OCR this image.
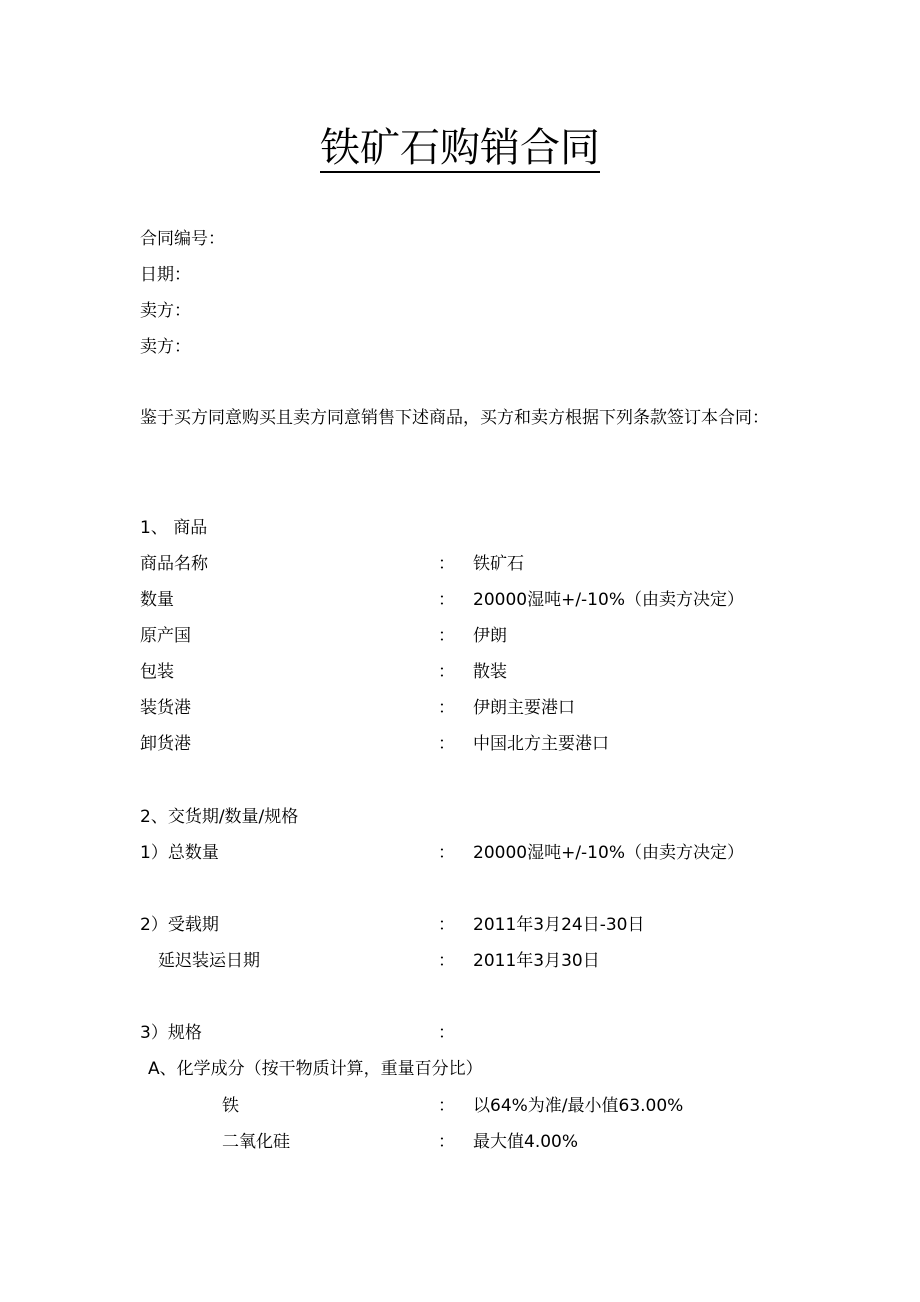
铁矿石购销合同
合同编号：
日期：
卖方：
卖方：
鉴于买方同意购买且卖方同意销售下述商品，买方和卖方根据下列条款签订本合同：
1、 商品
商品名称	： 铁矿石
数量	： 20000湿吨+/-10%（由卖方决定）
原产国	： 伊朗
包装	： 散装
装货港	： 伊朗主要港口
卸货港	： 中国北方主要港口
2、交货期/数量/规格
1）总数量	： 20000湿吨+/-10%（由卖方决定）
2）受载期	： 2011年3月24日-30日
延迟装运日期	： 2011年3月30日
3）规格	：
A、化学成分（按干物质计算，重量百分比）
铁	： 以64%为准/最小值63.00%
二氧化硅	： 最大值4.00%
